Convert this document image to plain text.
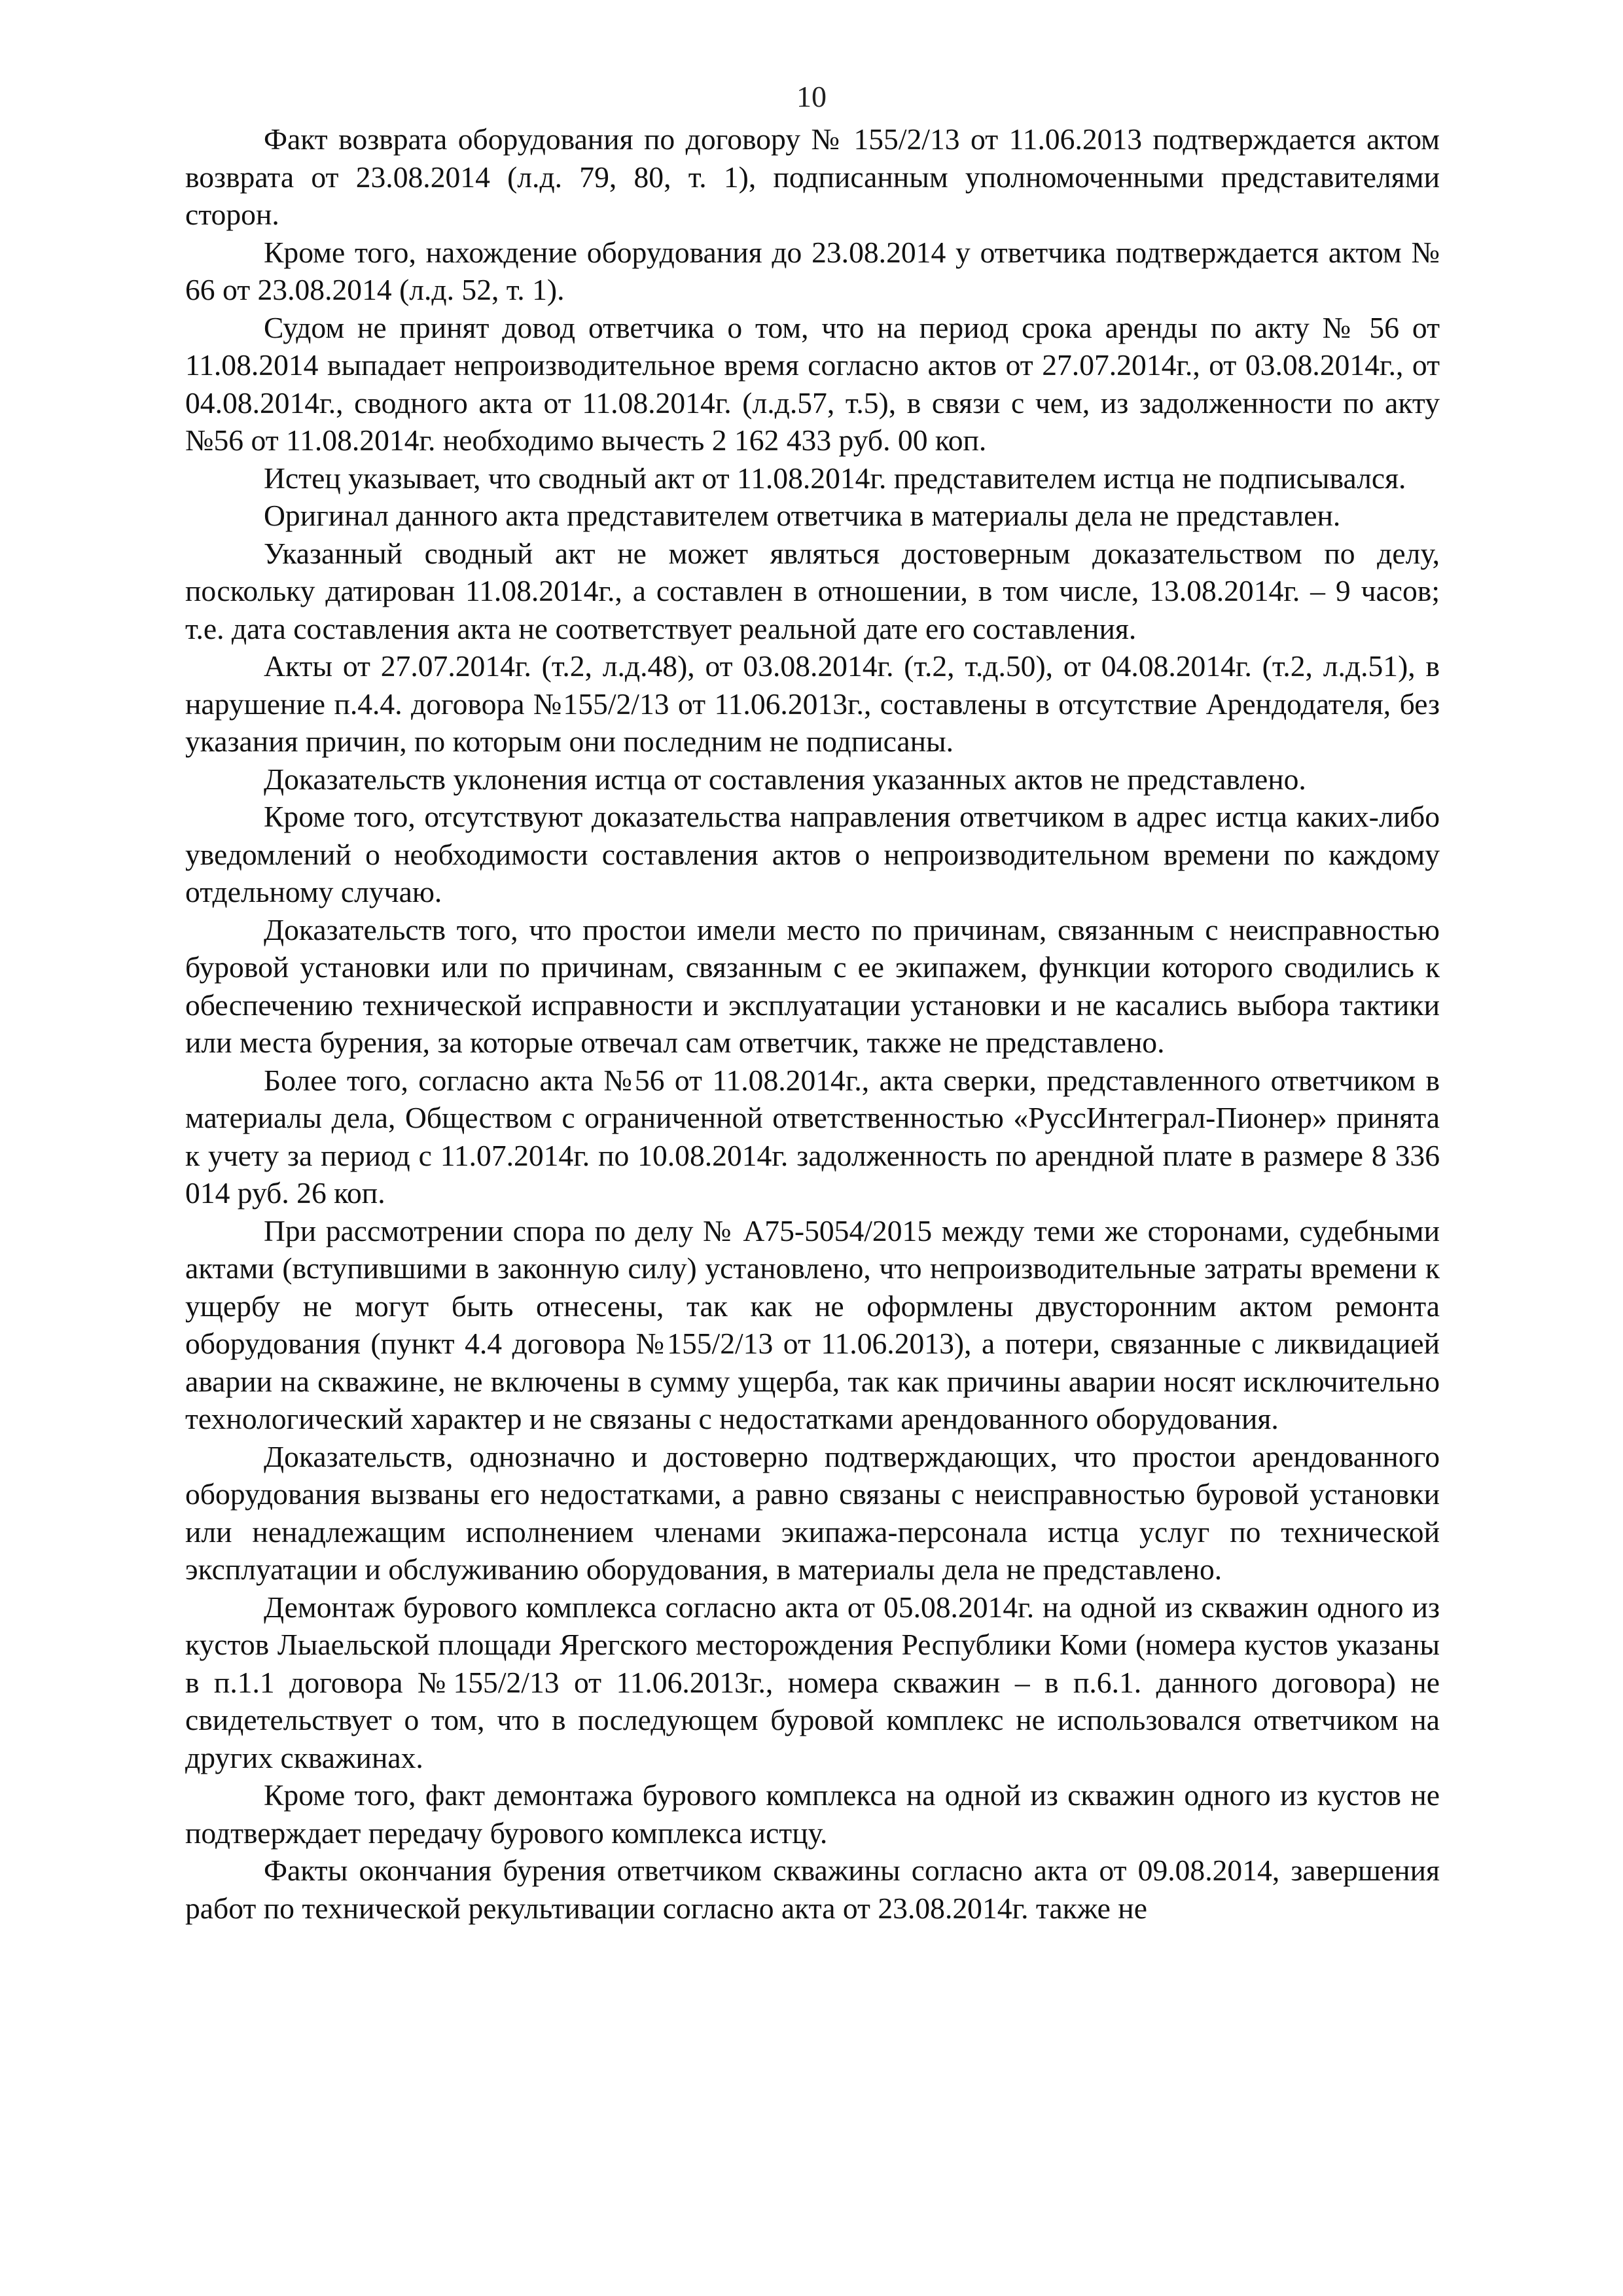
10

Факт возврата оборудования по договору № 155/2/13 от 11.06.2013 подтверждается актом возврата от 23.08.2014 (л.д. 79, 80, т. 1), подписанным уполномоченными представителями сторон.

Кроме того, нахождение оборудования до 23.08.2014 у ответчика подтверждается актом № 66 от 23.08.2014 (л.д. 52, т. 1).

Судом не принят довод ответчика о том, что на период срока аренды по акту № 56 от 11.08.2014 выпадает непроизводительное время согласно актов от 27.07.2014г., от 03.08.2014г., от 04.08.2014г., сводного акта от 11.08.2014г. (л.д.57, т.5), в связи с чем, из задолженности по акту №56 от 11.08.2014г. необходимо вычесть 2 162 433 руб. 00 коп.

Истец указывает, что сводный акт от 11.08.2014г. представителем истца не подписывался.

Оригинал данного акта представителем ответчика в материалы дела не представлен.

Указанный сводный акт не может являться достоверным доказательством по делу, поскольку датирован 11.08.2014г., а составлен в отношении, в том числе, 13.08.2014г. – 9 часов; т.е. дата составления акта не соответствует реальной дате его составления.

Акты от 27.07.2014г. (т.2, л.д.48), от 03.08.2014г. (т.2, т.д.50), от 04.08.2014г. (т.2, л.д.51), в нарушение п.4.4. договора №155/2/13 от 11.06.2013г., составлены в отсутствие Арендодателя, без указания причин, по которым они последним не подписаны.

Доказательств уклонения истца от составления указанных актов не представлено.

Кроме того, отсутствуют доказательства направления ответчиком в адрес истца каких-либо уведомлений о необходимости составления актов о непроизводительном времени по каждому отдельному случаю.

Доказательств того, что простои имели место по причинам, связанным с неисправностью буровой установки или по причинам, связанным с ее экипажем, функции которого сводились к обеспечению технической исправности и эксплуатации установки и не касались выбора тактики или места бурения, за которые отвечал сам ответчик, также не представлено.

Более того, согласно акта №56 от 11.08.2014г., акта сверки, представленного ответчиком в материалы дела, Обществом с ограниченной ответственностью «РуссИнтеграл-Пионер» принята к учету за период с 11.07.2014г. по 10.08.2014г. задолженность по арендной плате в размере 8 336 014 руб. 26 коп.

При рассмотрении спора по делу № А75-5054/2015 между теми же сторонами, судебными актами (вступившими в законную силу) установлено, что непроизводительные затраты времени к ущербу не могут быть отнесены, так как не оформлены двусторонним актом ремонта оборудования (пункт 4.4 договора №155/2/13 от 11.06.2013), а потери, связанные с ликвидацией аварии на скважине, не включены в сумму ущерба, так как причины аварии носят исключительно технологический характер и не связаны с недостатками арендованного оборудования.

Доказательств, однозначно и достоверно подтверждающих, что простои арендованного оборудования вызваны его недостатками, а равно связаны с неисправностью буровой установки или ненадлежащим исполнением членами экипажа-персонала истца услуг по технической эксплуатации и обслуживанию оборудования, в материалы дела не представлено.

Демонтаж бурового комплекса согласно акта от 05.08.2014г. на одной из скважин одного из кустов Лыаельской площади Ярегского месторождения Республики Коми (номера кустов указаны в п.1.1 договора №155/2/13 от 11.06.2013г., номера скважин – в п.6.1. данного договора) не свидетельствует о том, что в последующем буровой комплекс не использовался ответчиком на других скважинах.

Кроме того, факт демонтажа бурового комплекса на одной из скважин одного из кустов не подтверждает передачу бурового комплекса истцу.

Факты окончания бурения ответчиком скважины согласно акта от 09.08.2014, завершения работ по технической рекультивации согласно акта от 23.08.2014г. также не
